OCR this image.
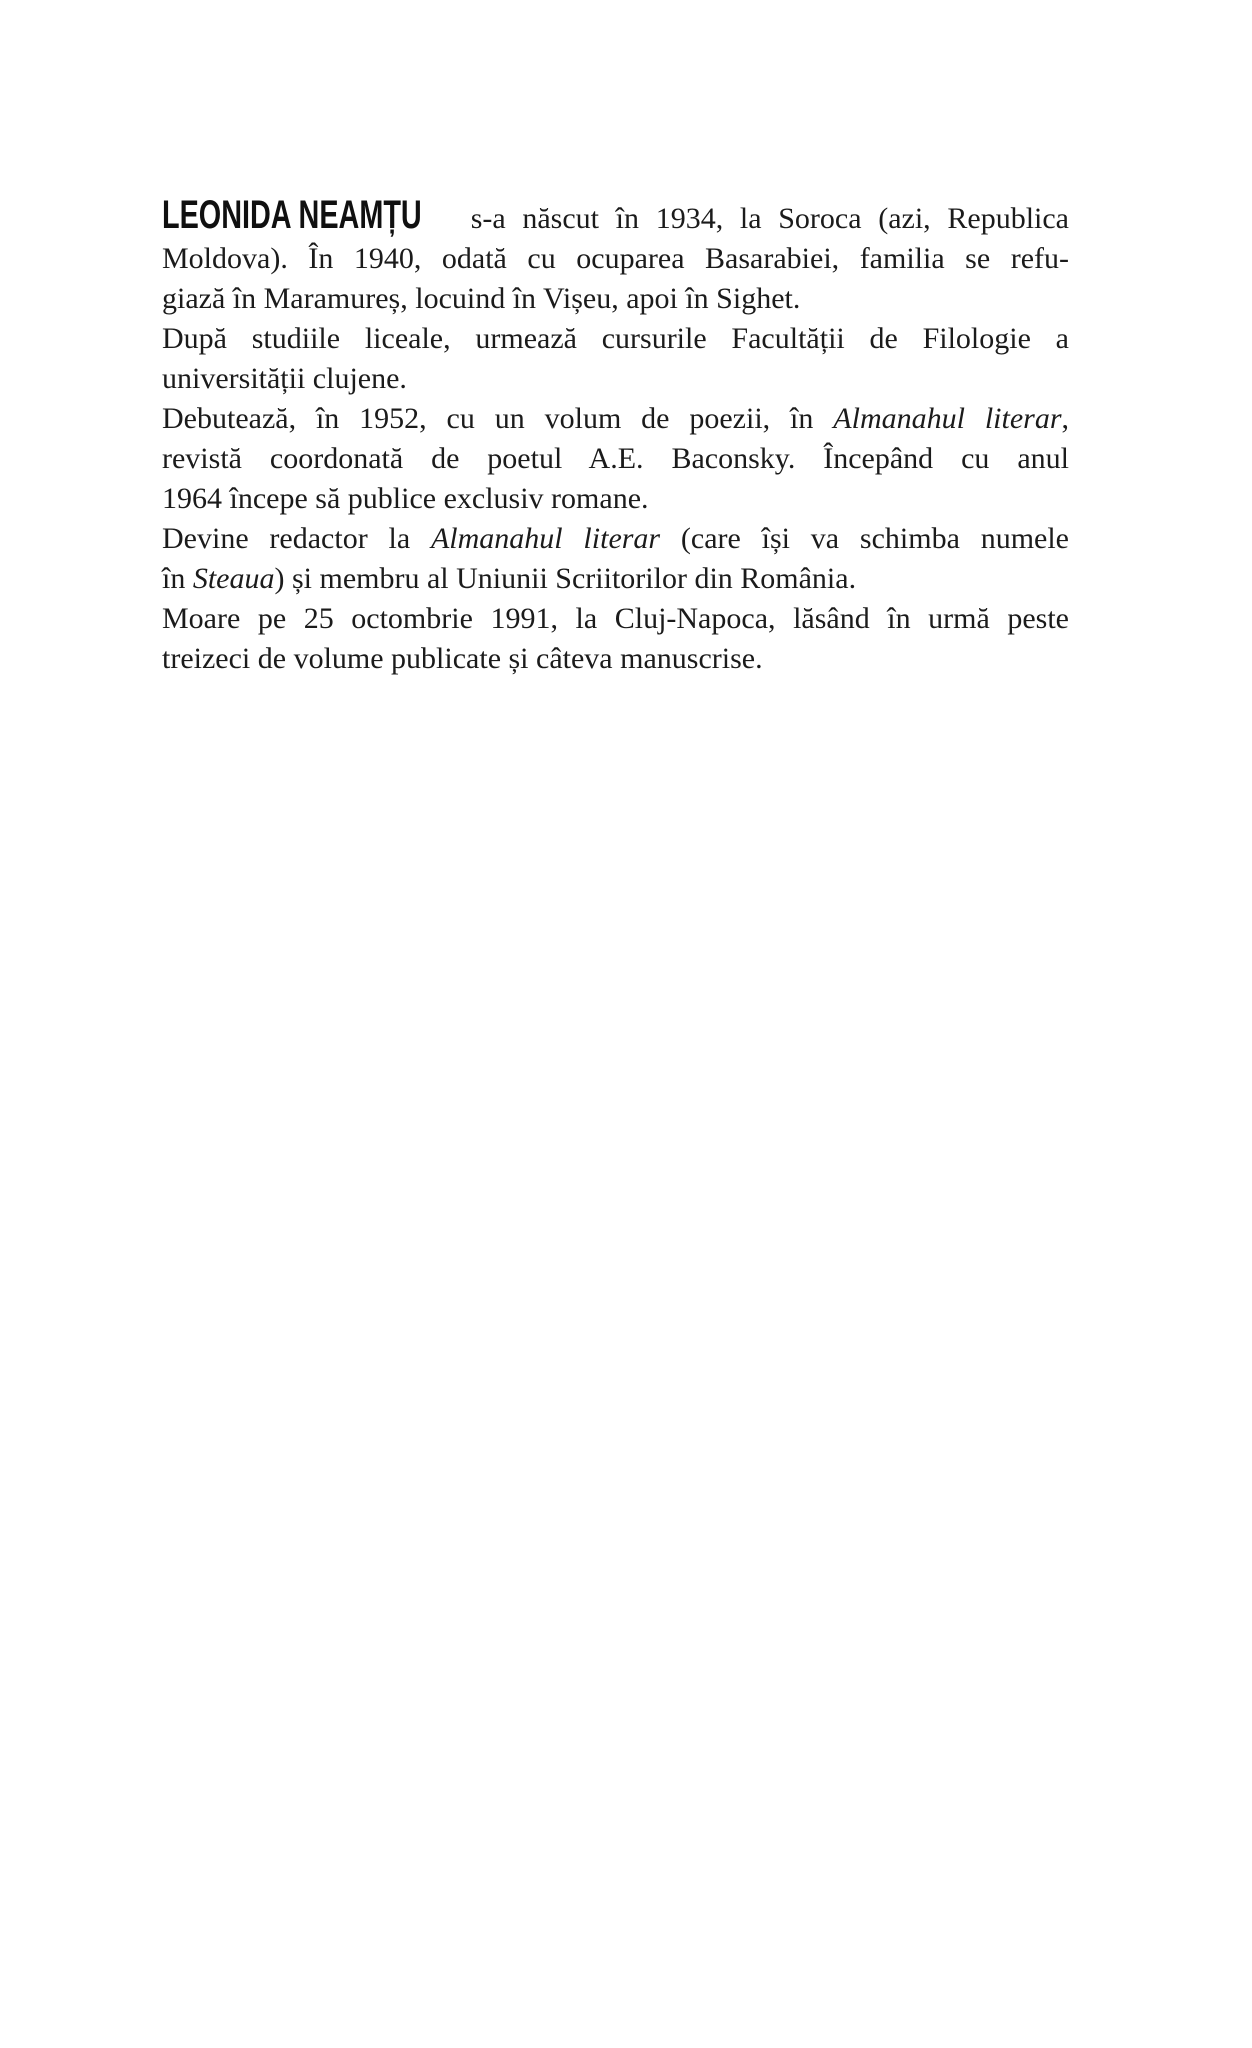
LEONIDA NEAMȚU s-a născut în 1934, la Soroca (azi, Republica
Moldova). În 1940, odată cu ocuparea Basarabiei, familia se refu-
giază în Maramureș, locuind în Vișeu, apoi în Sighet.
După studiile liceale, urmează cursurile Facultății de Filologie a
universității clujene.
Debutează, în 1952, cu un volum de poezii, în Almanahul literar,
revistă coordonată de poetul A.E. Baconsky. Începând cu anul
1964 începe să publice exclusiv romane.
Devine redactor la Almanahul literar (care își va schimba numele
în Steaua) și membru al Uniunii Scriitorilor din România.
Moare pe 25 octombrie 1991, la Cluj-Napoca, lăsând în urmă peste
treizeci de volume publicate și câteva manuscrise.
